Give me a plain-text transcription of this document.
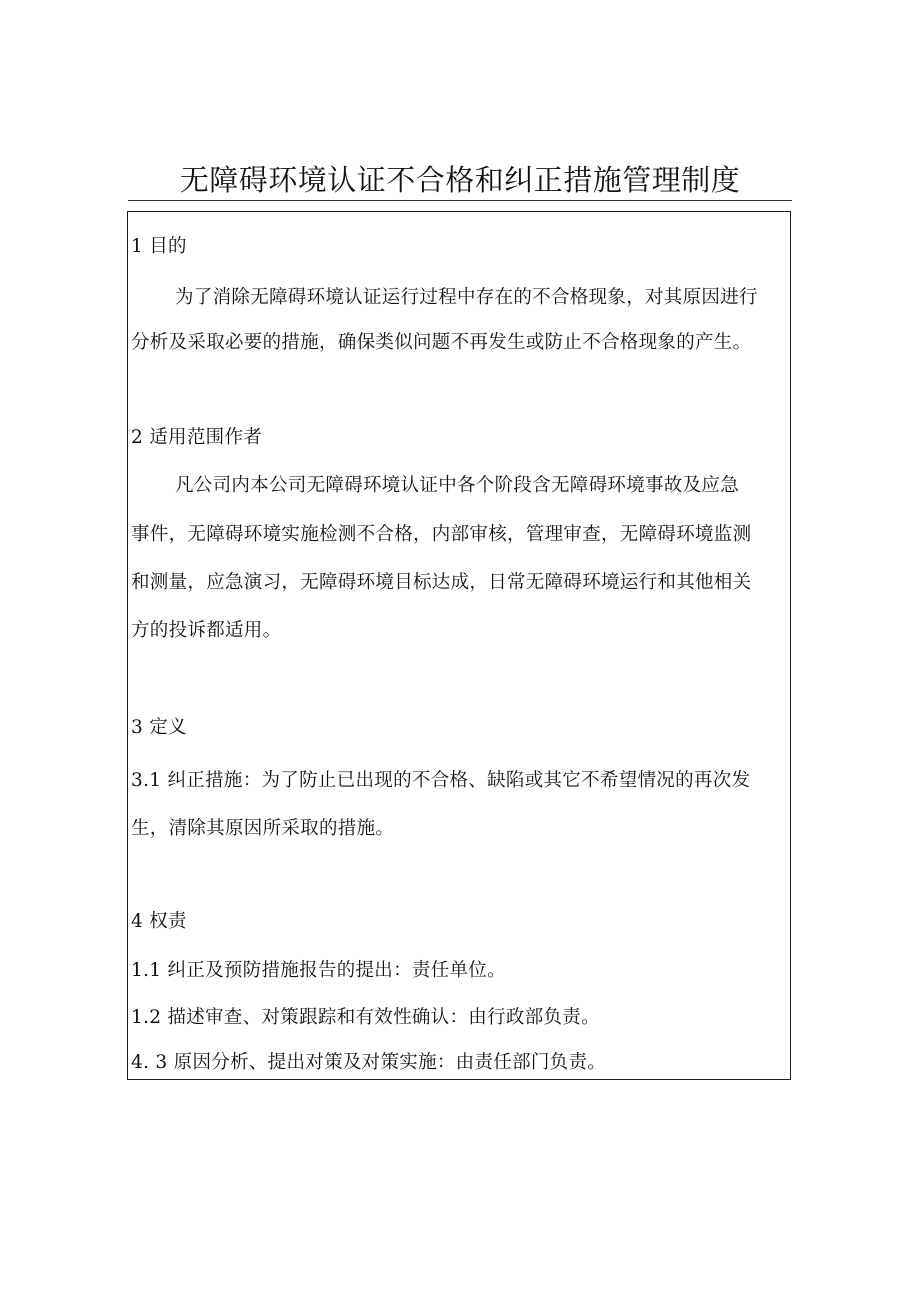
无障碍环境认证不合格和纠正措施管理制度
1 目的
为了消除无障碍环境认证运行过程中存在的不合格现象，对其原因进行
分析及采取必要的措施，确保类似问题不再发生或防止不合格现象的产生。
2 适用范围作者
凡公司内本公司无障碍环境认证中各个阶段含无障碍环境事故及应急
事件，无障碍环境实施检测不合格，内部审核，管理审查，无障碍环境监测
和测量，应急演习，无障碍环境目标达成，日常无障碍环境运行和其他相关
方的投诉都适用。
3 定义
3.1 纠正措施：为了防止已出现的不合格、缺陷或其它不希望情况的再次发
生，清除其原因所采取的措施。
4 权责
1.1 纠正及预防措施报告的提出：责任单位。
1.2 描述审查、对策跟踪和有效性确认：由行政部负责。
4. 3 原因分析、提出对策及对策实施：由责任部门负责。
